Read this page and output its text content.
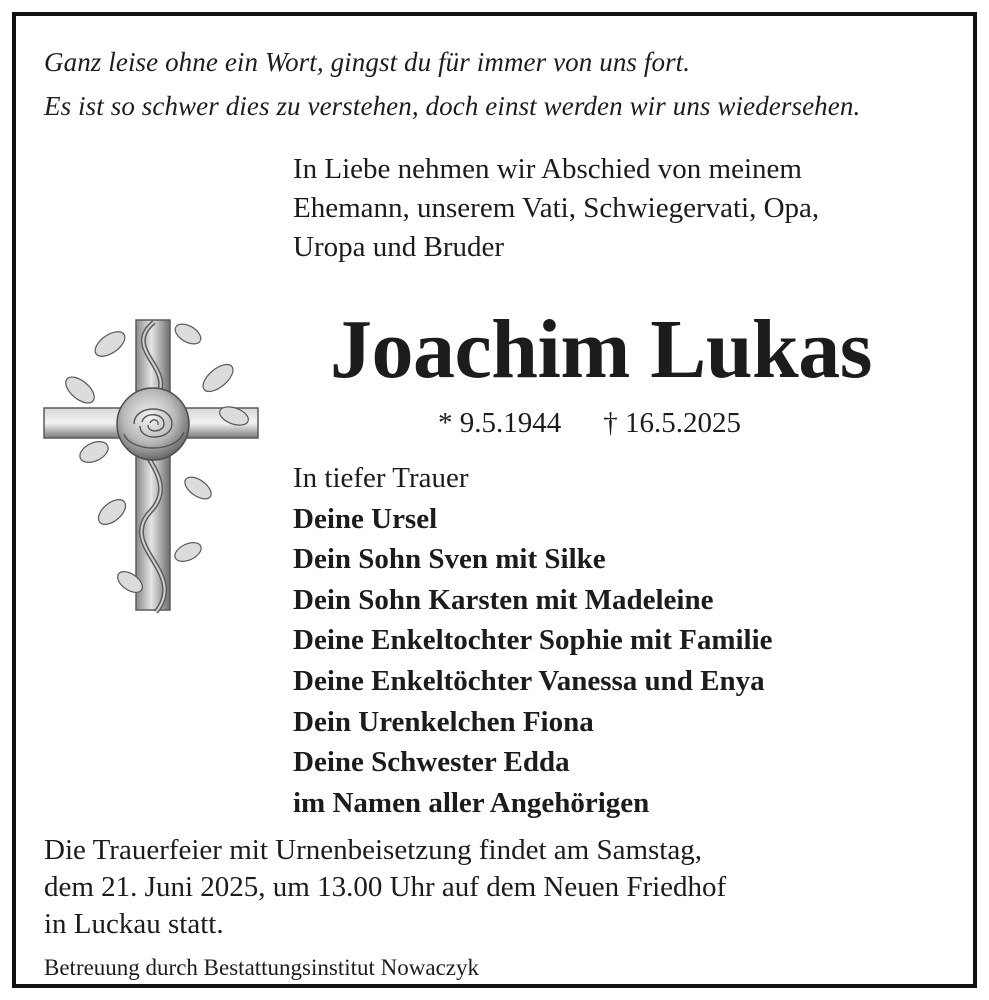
Ganz leise ohne ein Wort, gingst du für immer von uns fort.
Es ist so schwer dies zu verstehen, doch einst werden wir uns wiedersehen.
In Liebe nehmen wir Abschied von meinem
Ehemann, unserem Vati, Schwiegervati, Opa,
Uropa und Bruder
Joachim Lukas
* 9.5.1944 † 16.5.2025
In tiefer Trauer
Deine Ursel
Dein Sohn Sven mit Silke
Dein Sohn Karsten mit Madeleine
Deine Enkeltochter Sophie mit Familie
Deine Enkeltöchter Vanessa und Enya
Dein Urenkelchen Fiona
Deine Schwester Edda
im Namen aller Angehörigen
Die Trauerfeier mit Urnenbeisetzung findet am Samstag,
dem 21. Juni 2025, um 13.00 Uhr auf dem Neuen Friedhof
in Luckau statt.
Betreuung durch Bestattungsinstitut Nowaczyk
